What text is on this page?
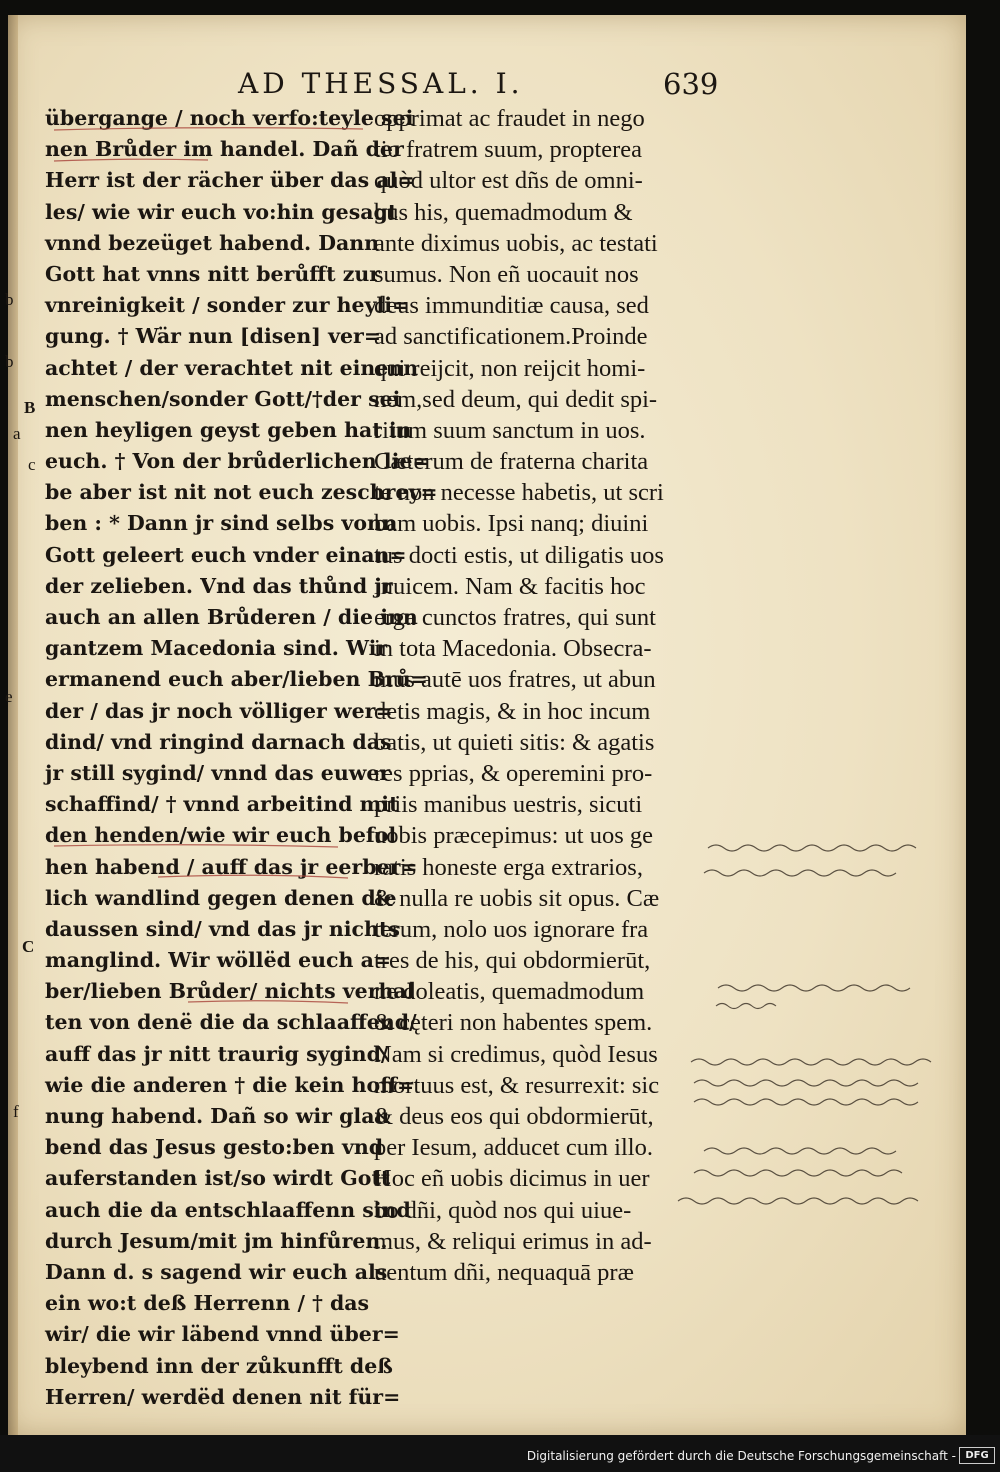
AD THESSAL. I.	639
übergange / noch verfo:teyle sei
nen Brůder im handel. Dañ der
Herr ist der rächer über das al=
les/ wie wir euch vo:hin gesagt
vnnd bezeüget habend. Dann
Gott hat vnns nitt berůfft zur
vnreinigkeit / sonder zur heyli=
gung. † Wär nun [disen] ver=
achtet / der verachtet nit einenn
menschen/sonder Gott/†der sei
nen heyligen geyst geben hat in
euch. † Von der brůderlichen lie=
be aber ist nit not euch zeschrey=
ben : * Dann jr sind selbs vonn
Gott geleert euch vnder einan=
der zelieben. Vnd das thůnd jr
auch an allen Brůderen / die inn
gantzem Macedonia sind. Wir
ermanend euch aber/lieben Brů=
der / das jr noch völliger wer=
dind/ vnd ringind darnach das
jr still sygind/ vnnd das euwer
schaffind/ † vnnd arbeitind mit
den henden/wie wir euch befol
hen habend / auff das jr eerber=
lich wandlind gegen denen die
daussen sind/ vnd das jr nichts
manglind. Wir wöllëd euch a=
ber/lieben Brůder/ nichts verhal
ten von denë die da schlaaffend/
auff das jr nitt traurig sygind/
wie die anderen † die kein hoff=
nung habend. Dañ so wir glau
bend das Jesus gesto:ben vnd
auferstanden ist/so wirdt Gott
auch die da entschlaaffenn sind
durch Jesum/mit jm hinfůren.
Dann d. s sagend wir euch als
ein wo:t deß Herrenn / † das
wir/ die wir läbend vnnd über=
bleybend inn der zůkunfft deß
Herren/ werdëd denen nit für=
opprimat ac fraudet in nego
tio fratrem suum, propterea
quòd ultor est dñs de omni-
bus his, quemadmodum &
ante diximus uobis, ac testati
sumus. Non eñ uocauit nos
deus immunditiæ causa, sed
ad sanctificationem.Proinde
qui reĳcit, non reĳcit homi-
nem,sed deum, qui dedit spi-
ritum suum sanctum in uos.
Cæterum de fraterna charita
te non necesse habetis, ut scri
bam uobis. Ipsi nanq; diuini
tus docti estis, ut diligatis uos
inuicem. Nam & facitis hoc
erga cunctos fratres, qui sunt
in tota Macedonia. Obsecra-
mus autē uos fratres, ut abun
detis magis, & in hoc incum
batis, ut quieti sitis: & agatis
res pprias, & operemini pro-
priis manibus uestris, sicuti
uobis præcepimus: ut uos ge
ratis honeste erga extrarios,
& nulla re uobis sit opus. Cæ
terum, nolo uos ignorare fra
tres de his, qui obdormierūt,
ne doleatis, quemadmodum
& cęteri non habentes spem.
Nam si credimus, quòd Iesus
mortuus est, & resurrexit: sic
& deus eos qui obdormierūt,
per Iesum, adducet cum illo.
Hoc eñ uobis dicimus in uer
bo dñi, quòd nos qui uiue-
mus, & reliqui erimus in ad-
uentum dñi, nequaquā præ
b
b
B
a
c
e
C
f
Digitalisierung gefördert durch die Deutsche Forschungsgemeinschaft - DFG
